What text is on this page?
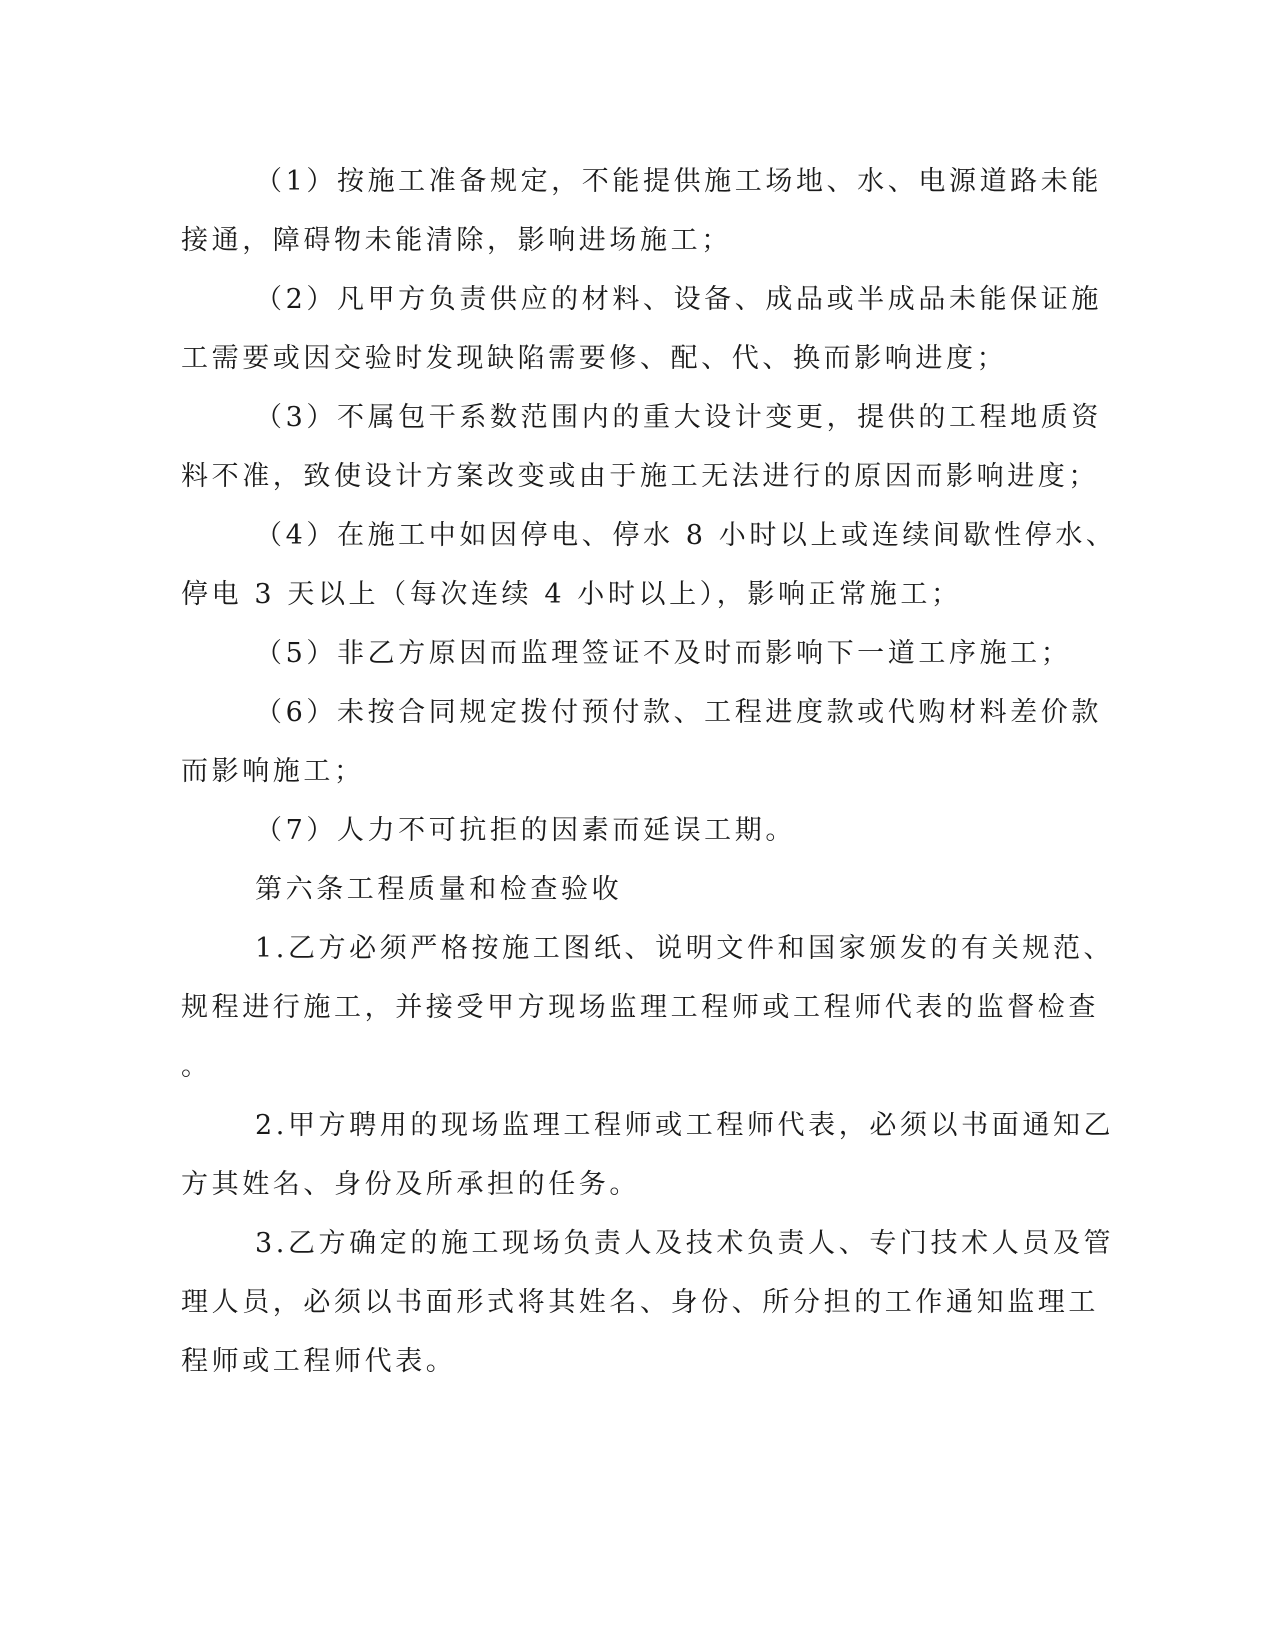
（1）按施工准备规定，不能提供施工场地、水、电源道路未能
接通，障碍物未能清除，影响进场施工；
（2）凡甲方负责供应的材料、设备、成品或半成品未能保证施
工需要或因交验时发现缺陷需要修、配、代、换而影响进度；
（3）不属包干系数范围内的重大设计变更，提供的工程地质资
料不准，致使设计方案改变或由于施工无法进行的原因而影响进度；
（4）在施工中如因停电、停水 8 小时以上或连续间歇性停水、
停电 3 天以上（每次连续 4 小时以上），影响正常施工；
（5）非乙方原因而监理签证不及时而影响下一道工序施工；
（6）未按合同规定拨付预付款、工程进度款或代购材料差价款
而影响施工；
（7）人力不可抗拒的因素而延误工期。
第六条工程质量和检查验收
1.乙方必须严格按施工图纸、说明文件和国家颁发的有关规范、
规程进行施工，并接受甲方现场监理工程师或工程师代表的监督检查
。
2.甲方聘用的现场监理工程师或工程师代表，必须以书面通知乙
方其姓名、身份及所承担的任务。
3.乙方确定的施工现场负责人及技术负责人、专门技术人员及管
理人员，必须以书面形式将其姓名、身份、所分担的工作通知监理工
程师或工程师代表。
